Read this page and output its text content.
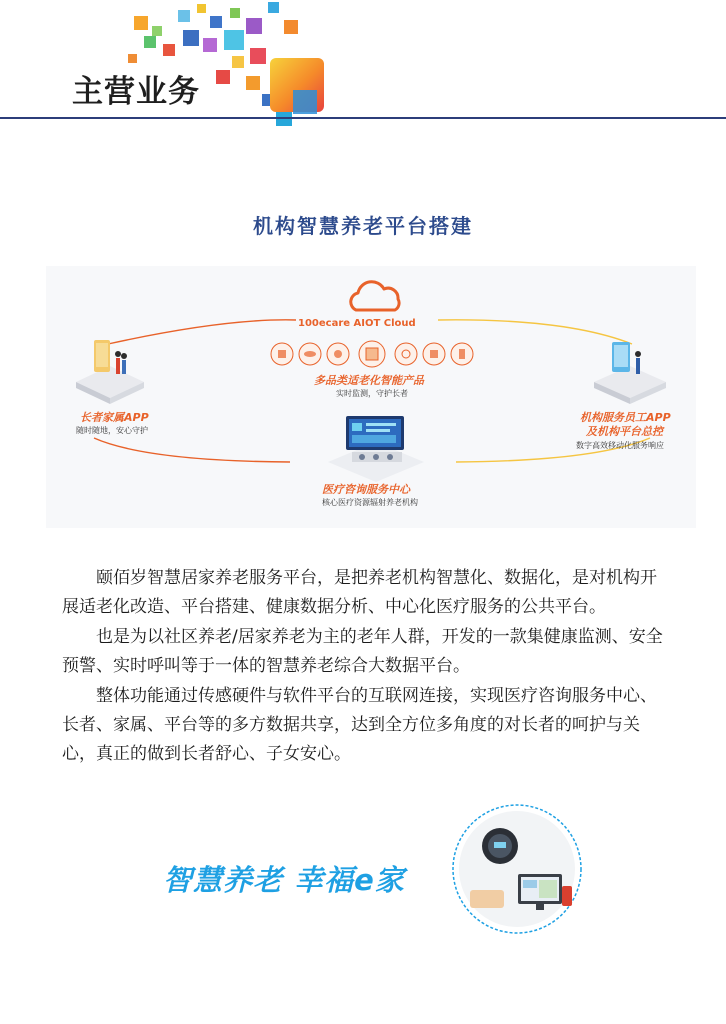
主营业务
机构智慧养老平台搭建
100ecare AIOT Cloud
多品类适老化智能产品
实时监测，守护长者
长者家属APP
随时随地，安心守护
机构服务员工APP
及机构平台总控
数字高效移动化服务响应
医疗咨询服务中心
核心医疗资源辐射养老机构

颐佰岁智慧居家养老服务平台，是把养老机构智慧化、数据化，是对机构开展适老化改造、平台搭建、健康数据分析、中心化医疗服务的公共平台。

也是为以社区养老/居家养老为主的老年人群，开发的一款集健康监测、安全预警、实时呼叫等于一体的智慧养老综合大数据平台。

整体功能通过传感硬件与软件平台的互联网连接，实现医疗咨询服务中心、长者、家属、平台等的多方数据共享，达到全方位多角度的对长者的呵护与关心，真正的做到长者舒心、子女安心。

智慧养老 幸福e家
